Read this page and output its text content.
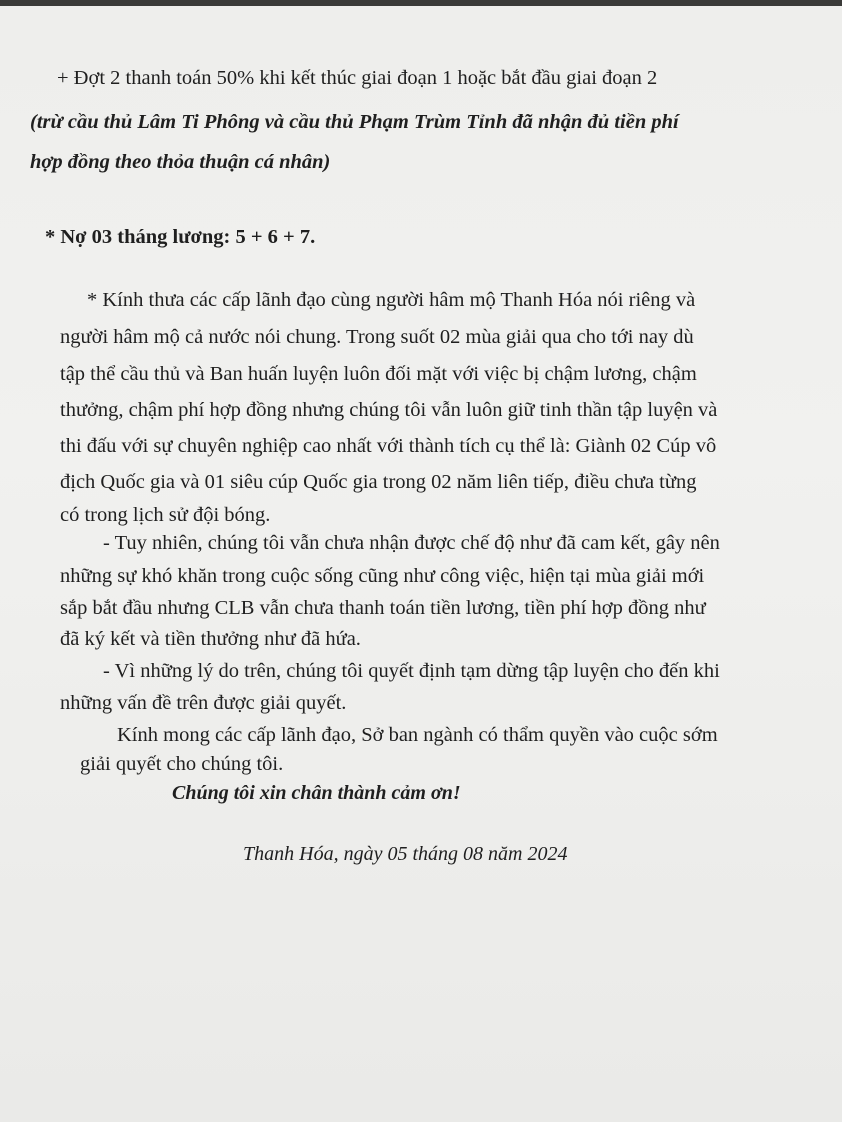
+ Đợt 2 thanh toán 50% khi kết thúc giai đoạn 1 hoặc bắt đầu giai đoạn 2
(trừ cầu thủ Lâm Ti Phông và cầu thủ Phạm Trùm Tỉnh đã nhận đủ tiền phí
hợp đồng theo thỏa thuận cá nhân)
* Nợ 03 tháng lương: 5 + 6 + 7.
* Kính thưa các cấp lãnh đạo cùng người hâm mộ Thanh Hóa nói riêng và
người hâm mộ cả nước nói chung. Trong suốt 02 mùa giải qua cho tới nay dù
tập thể cầu thủ và Ban huấn luyện luôn đối mặt với việc bị chậm lương, chậm
thưởng, chậm phí hợp đồng nhưng chúng tôi vẫn luôn giữ tinh thần tập luyện và
thi đấu với sự chuyên nghiệp cao nhất với thành tích cụ thể là: Giành 02 Cúp vô
địch Quốc gia và 01 siêu cúp Quốc gia trong 02 năm liên tiếp, điều chưa từng
có trong lịch sử đội bóng.
- Tuy nhiên, chúng tôi vẫn chưa nhận được chế độ như đã cam kết, gây nên
những sự khó khăn trong cuộc sống cũng như công việc, hiện tại mùa giải mới
sắp bắt đầu nhưng CLB vẫn chưa thanh toán tiền lương, tiền phí hợp đồng như
đã ký kết và tiền thưởng như đã hứa.
- Vì những lý do trên, chúng tôi quyết định tạm dừng tập luyện cho đến khi
những vấn đề trên được giải quyết.
Kính mong các cấp lãnh đạo, Sở ban ngành có thẩm quyền vào cuộc sớm
giải quyết cho chúng tôi.
Chúng tôi xin chân thành cảm ơn!
Thanh Hóa, ngày 05 tháng 08 năm 2024
